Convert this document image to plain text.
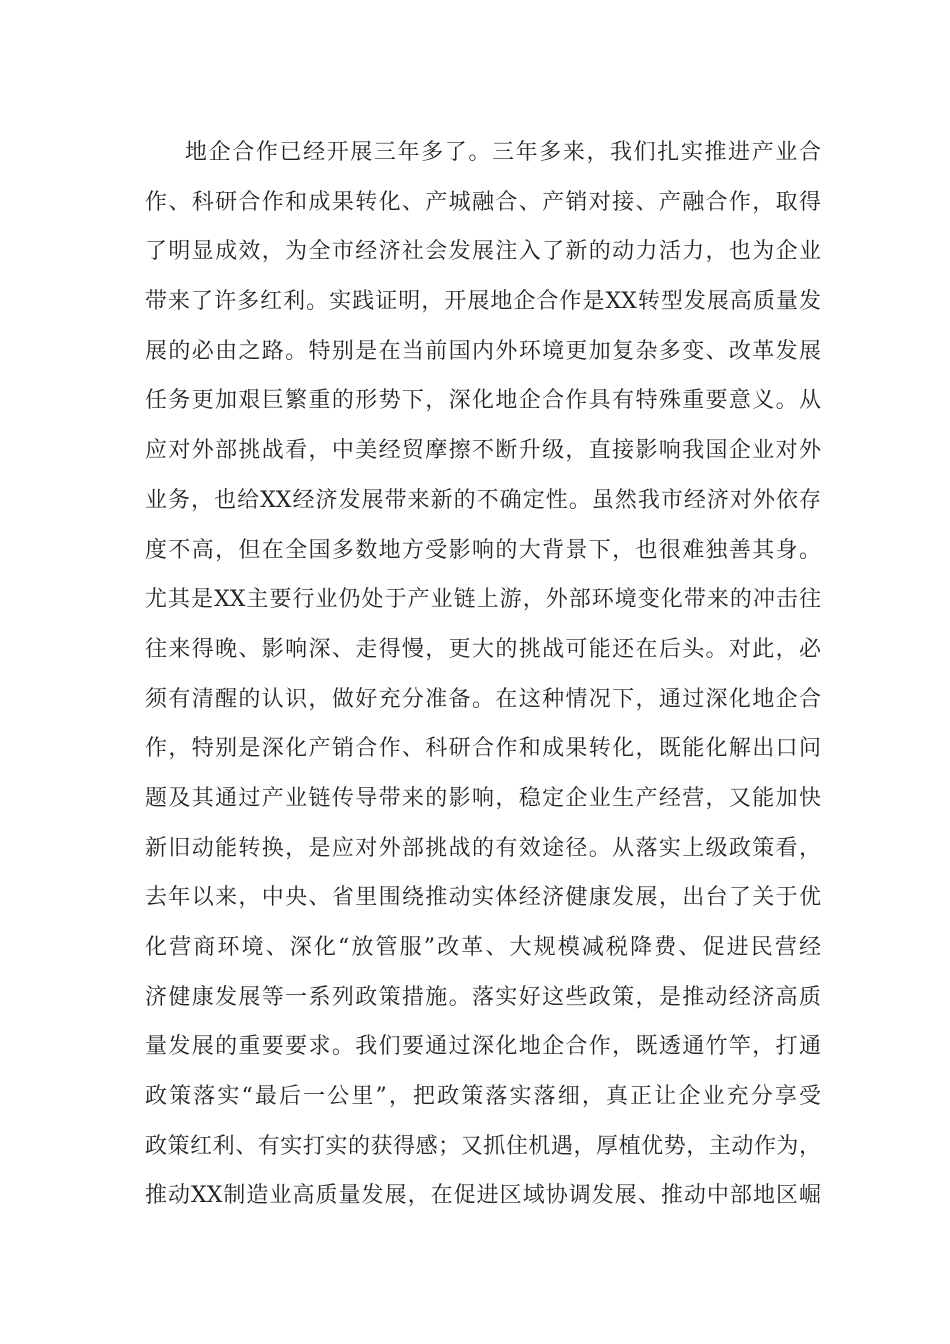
地企合作已经开展三年多了。三年多来，我们扎实推进产业合
作、科研合作和成果转化、产城融合、产销对接、产融合作，取得
了明显成效，为全市经济社会发展注入了新的动力活力，也为企业
带来了许多红利。实践证明，开展地企合作是XX转型发展高质量发
展的必由之路。特别是在当前国内外环境更加复杂多变、改革发展
任务更加艰巨繁重的形势下，深化地企合作具有特殊重要意义。从
应对外部挑战看，中美经贸摩擦不断升级，直接影响我国企业对外
业务，也给XX经济发展带来新的不确定性。虽然我市经济对外依存
度不高，但在全国多数地方受影响的大背景下，也很难独善其身。
尤其是XX主要行业仍处于产业链上游，外部环境变化带来的冲击往
往来得晚、影响深、走得慢，更大的挑战可能还在后头。对此，必
须有清醒的认识，做好充分准备。在这种情况下，通过深化地企合
作，特别是深化产销合作、科研合作和成果转化，既能化解出口问
题及其通过产业链传导带来的影响，稳定企业生产经营，又能加快
新旧动能转换，是应对外部挑战的有效途径。从落实上级政策看，
去年以来，中央、省里围绕推动实体经济健康发展，出台了关于优
化营商环境、深化“放管服”改革、大规模减税降费、促进民营经
济健康发展等一系列政策措施。落实好这些政策，是推动经济高质
量发展的重要要求。我们要通过深化地企合作，既透通竹竿，打通
政策落实“最后一公里”，把政策落实落细，真正让企业充分享受
政策红利、有实打实的获得感；又抓住机遇，厚植优势，主动作为，
推动XX制造业高质量发展，在促进区域协调发展、推动中部地区崛
